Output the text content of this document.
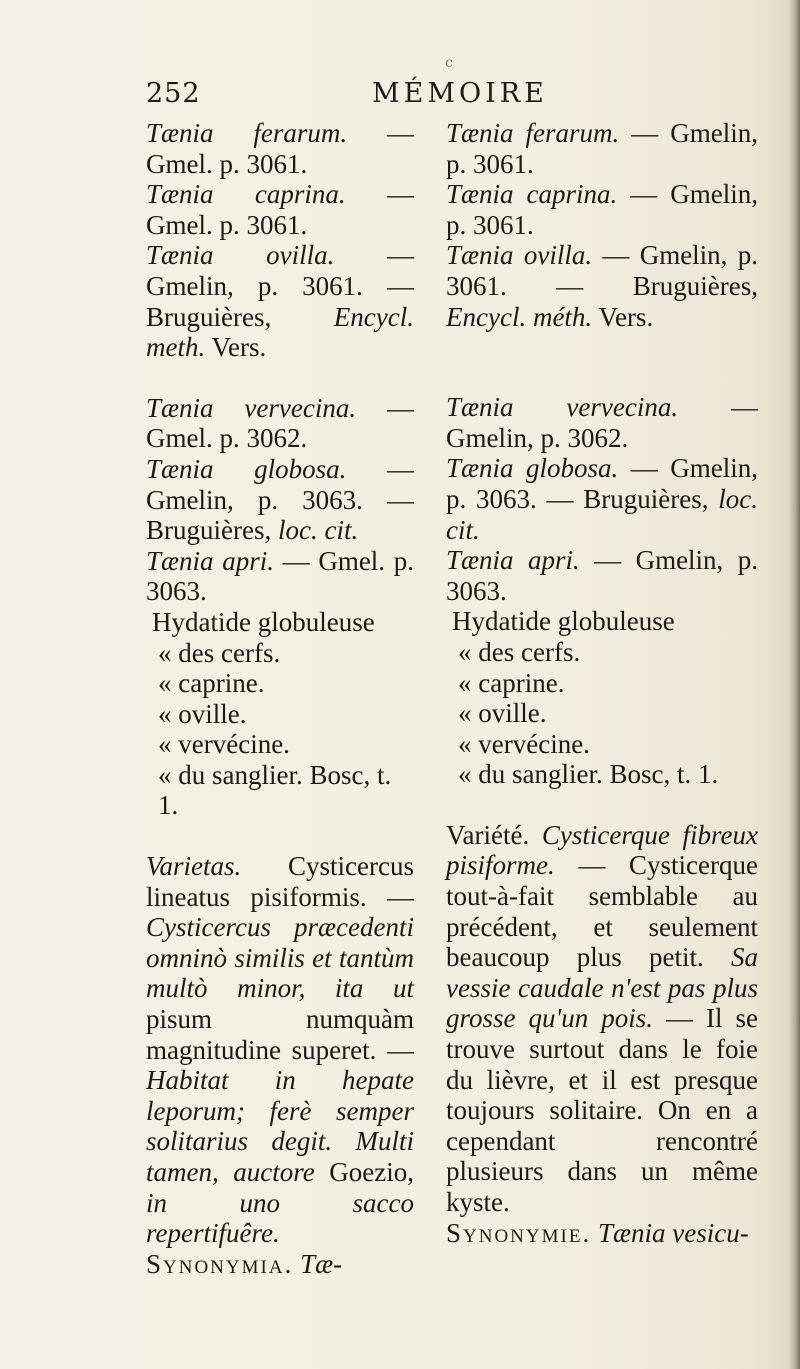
c
252	MÉMOIRE

Tænia ferarum. — Gmel. p. 3061.

Tænia caprina. — Gmel. p. 3061.

Tænia ovilla. — Gmelin, p. 3061. — Bruguières, Encycl. meth. Vers.

Tænia vervecina. — Gmel. p. 3062.

Tænia globosa. — Gmelin, p. 3063. — Bruguières, loc. cit.

Tænia apri. — Gmel. p. 3063.

Hydatide globuleuse

« des cerfs.

« caprine.

« oville.

« vervécine.

« du sanglier. Bosc, t. 1.

Varietas. Cysticercus lineatus pisiformis. — Cysticercus præcedenti omninò similis et tantùm multò minor, ita ut pisum numquàm magnitudine superet. — Habitat in hepate leporum; ferè semper solitarius degit. Multi tamen, auctore Goezio, in uno sacco repertifuêre.

Synonymia. Tæ-

Tænia ferarum. — Gmelin, p. 3061.

Tænia caprina. — Gmelin, p. 3061.

Tænia ovilla. — Gmelin, p. 3061. — Bruguières, Encycl. méth. Vers.

Tænia vervecina. — Gmelin, p. 3062.

Tænia globosa. — Gmelin, p. 3063. — Bruguières, loc. cit.

Tænia apri. — Gmelin, p. 3063.

Hydatide globuleuse

« des cerfs.

« caprine.

« oville.

« vervécine.

« du sanglier. Bosc, t. 1.

Variété. Cysticerque fibreux pisiforme. — Cysticerque tout-à-fait semblable au précédent, et seulement beaucoup plus petit. Sa vessie caudale n'est pas plus grosse qu'un pois. — Il se trouve surtout dans le foie du lièvre, et il est presque toujours solitaire. On en a cependant rencontré plusieurs dans un même kyste.

Synonymie. Tænia vesicu-
